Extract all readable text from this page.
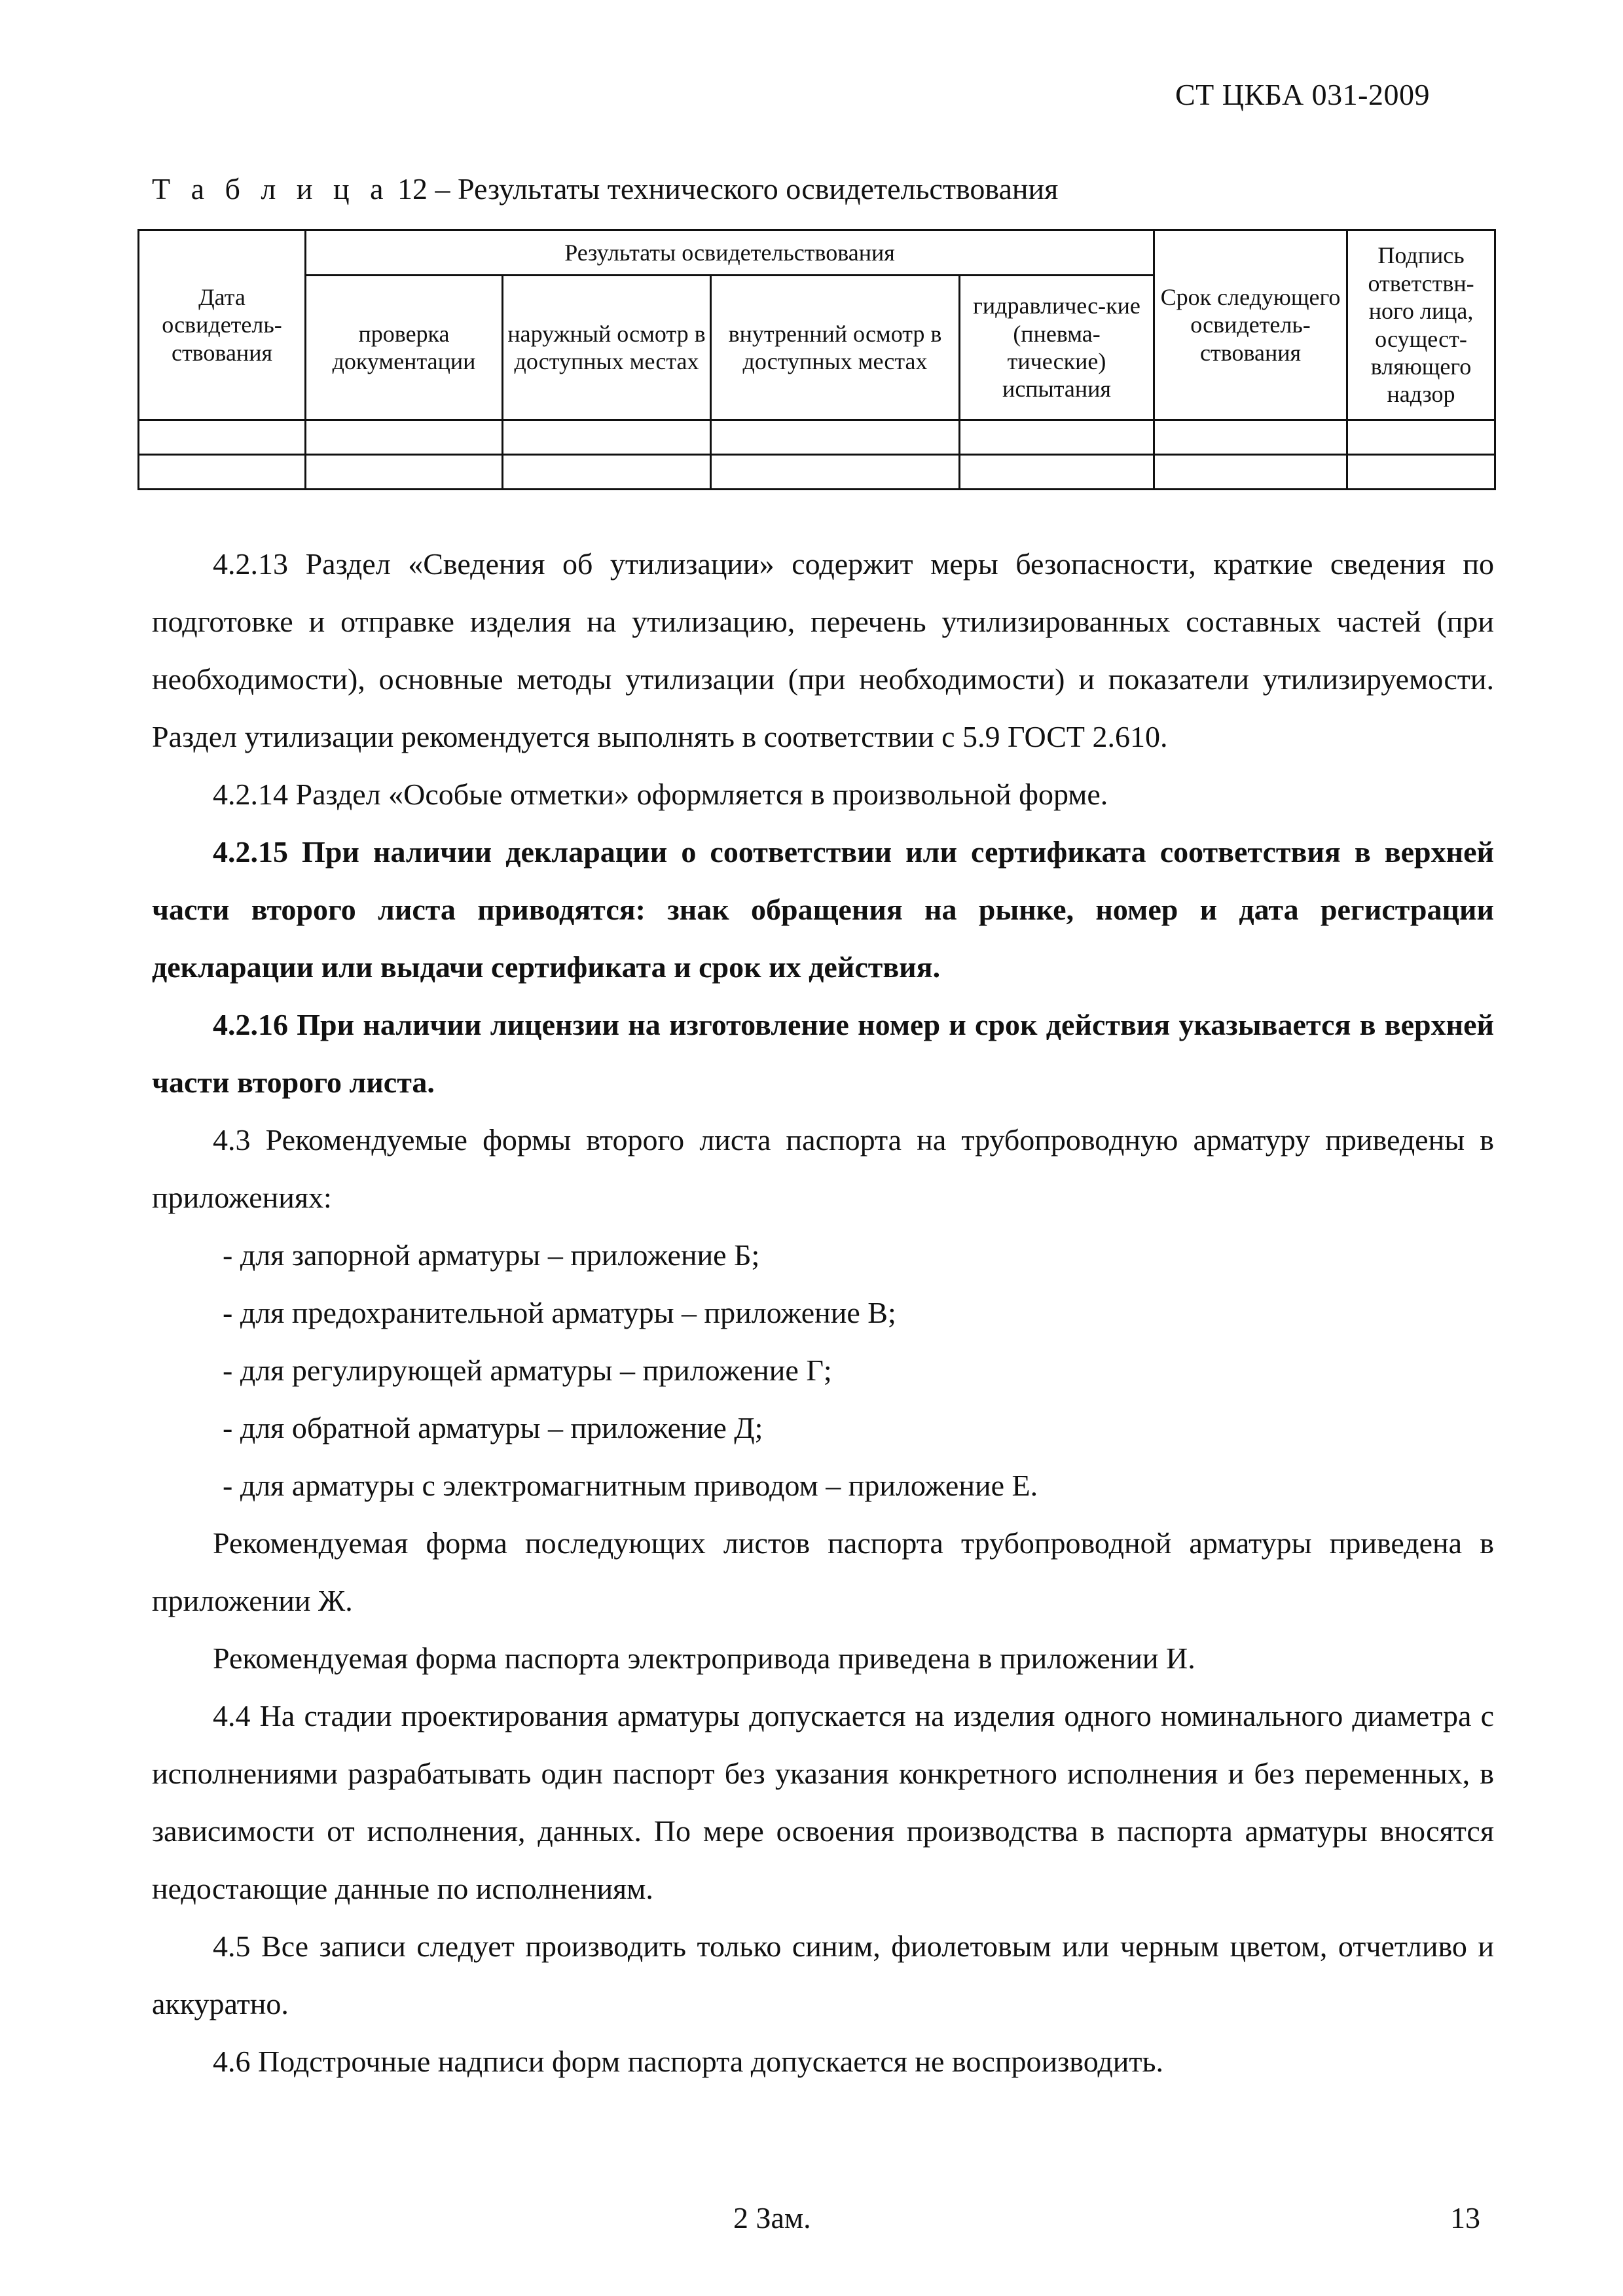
СТ ЦКБА 031-2009
Т а б л и ц а 12 – Результаты технического освидетельствования
Дата освидетель-ствования	Результаты освидетельствования				Срок следующего освидетель-ствования	Подпись ответствн-ного лица, осущест-вляющего надзор
	проверка документации	наружный осмотр в доступных местах	внутренний осмотр в доступных местах	гидравличес-кие (пневма-тические) испытания		

4.2.13 Раздел «Сведения об утилизации» содержит меры безопасности, краткие сведения по подготовке и отправке изделия на утилизацию, перечень утилизированных составных частей (при необходимости), основные методы утилизации (при необходимости) и показатели утилизируемости. Раздел утилизации рекомендуется выполнять в соответствии с 5.9 ГОСТ 2.610.

4.2.14 Раздел «Особые отметки» оформляется в произвольной форме.

4.2.15 При наличии декларации о соответствии или сертификата соответствия в верхней части второго листа приводятся: знак обращения на рынке, номер и дата регистрации декларации или выдачи сертификата и срок их действия.

4.2.16 При наличии лицензии на изготовление номер и срок действия указывается в верхней части второго листа.

4.3 Рекомендуемые формы второго листа паспорта на трубопроводную арматуру приведены в приложениях:

- для запорной арматуры – приложение Б;

- для предохранительной арматуры – приложение В;

- для регулирующей арматуры – приложение Г;

- для обратной арматуры – приложение Д;

- для арматуры с электромагнитным приводом – приложение Е.

Рекомендуемая форма последующих листов паспорта трубопроводной арматуры приведена в приложении Ж.

Рекомендуемая форма паспорта электропривода приведена в приложении И.

4.4 На стадии проектирования арматуры допускается на изделия одного номинального диаметра с исполнениями разрабатывать один паспорт без указания конкретного исполнения и без переменных, в зависимости от исполнения, данных. По мере освоения производства в паспорта арматуры вносятся недостающие данные по исполнениям.

4.5 Все записи следует производить только синим, фиолетовым или черным цветом, отчетливо и аккуратно.

4.6 Подстрочные надписи форм паспорта допускается не воспроизводить.

2 Зам.	13
